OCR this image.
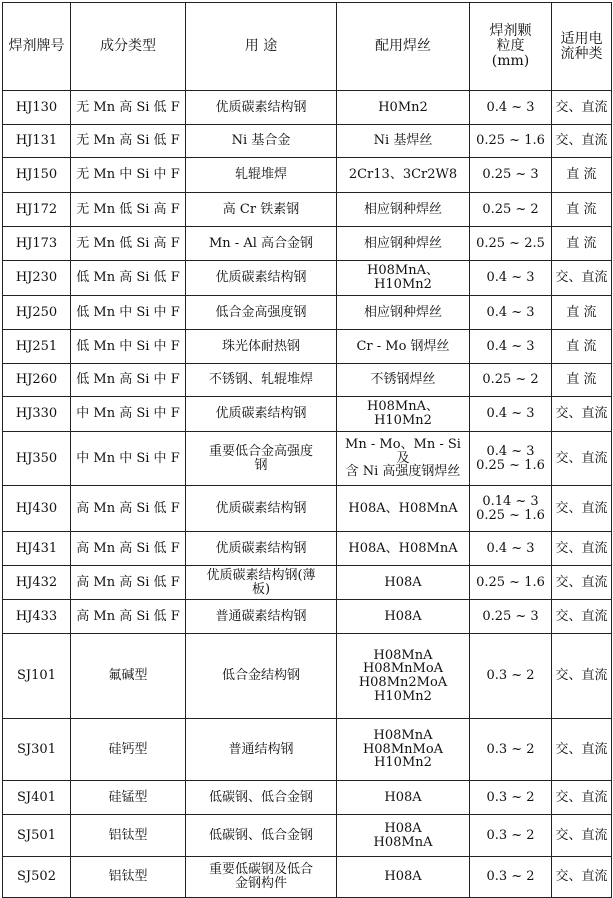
焊剂牌号	成分类型	用 途	配用焊丝	焊剂颗
粒度
(mm)	适用电
流种类
HJ130	无 Mn 高 Si 低 F	优质碳素结构钢	H0Mn2	0.4 ~ 3	交、直流
HJ131	无 Mn 高 Si 低 F	Ni 基合金	Ni 基焊丝	0.25 ~ 1.6	交、直流
HJ150	无 Mn 中 Si 中 F	轧辊堆焊	2Cr13、3Cr2W8	0.25 ~ 3	直 流
HJ172	无 Mn 低 Si 高 F	高 Cr 铁素钢	相应钢种焊丝	0.25 ~ 2	直 流
HJ173	无 Mn 低 Si 高 F	Mn - Al 高合金钢	相应钢种焊丝	0.25 ~ 2.5	直 流
HJ230	低 Mn 高 Si 低 F	优质碳素结构钢	H08MnA、H10Mn2	0.4 ~ 3	交、直流
HJ250	低 Mn 中 Si 中 F	低合金高强度钢	相应钢种焊丝	0.4 ~ 3	直 流
HJ251	低 Mn 中 Si 中 F	珠光体耐热钢	Cr - Mo 钢焊丝	0.4 ~ 3	直 流
HJ260	低 Mn 高 Si 中 F	不锈钢、轧辊堆焊	不锈钢焊丝	0.25 ~ 2	直 流
HJ330	中 Mn 高 Si 中 F	优质碳素结构钢	H08MnA、H10Mn2	0.4 ~ 3	交、直流
HJ350	中 Mn 中 Si 中 F	重要低合金高强度
钢	Mn - Mo、Mn - Si 及
含 Ni 高强度钢焊丝	0.4 ~ 3
0.25 ~ 1.6	交、直流
HJ430	高 Mn 高 Si 低 F	优质碳素结构钢	H08A、H08MnA	0.14 ~ 3
0.25 ~ 1.6	交、直流
HJ431	高 Mn 高 Si 低 F	优质碳素结构钢	H08A、H08MnA	0.4 ~ 3	交、直流
HJ432	高 Mn 高 Si 低 F	优质碳素结构钢(薄
板)	H08A	0.25 ~ 1.6	交、直流
HJ433	高 Mn 高 Si 低 F	普通碳素结构钢	H08A	0.25 ~ 3	交、直流
SJ101	氟碱型	低合金结构钢	H08MnA
H08MnMoA
H08Mn2MoA
H10Mn2	0.3 ~ 2	交、直流
SJ301	硅钙型	普通结构钢	H08MnA
H08MnMoA
H10Mn2	0.3 ~ 2	交、直流
SJ401	硅锰型	低碳钢、低合金钢	H08A	0.3 ~ 2	交、直流
SJ501	铝钛型	低碳钢、低合金钢	H08A
H08MnA	0.3 ~ 2	交、直流
SJ502	铝钛型	重要低碳钢及低合
金钢构件	H08A	0.3 ~ 2	交、直流
